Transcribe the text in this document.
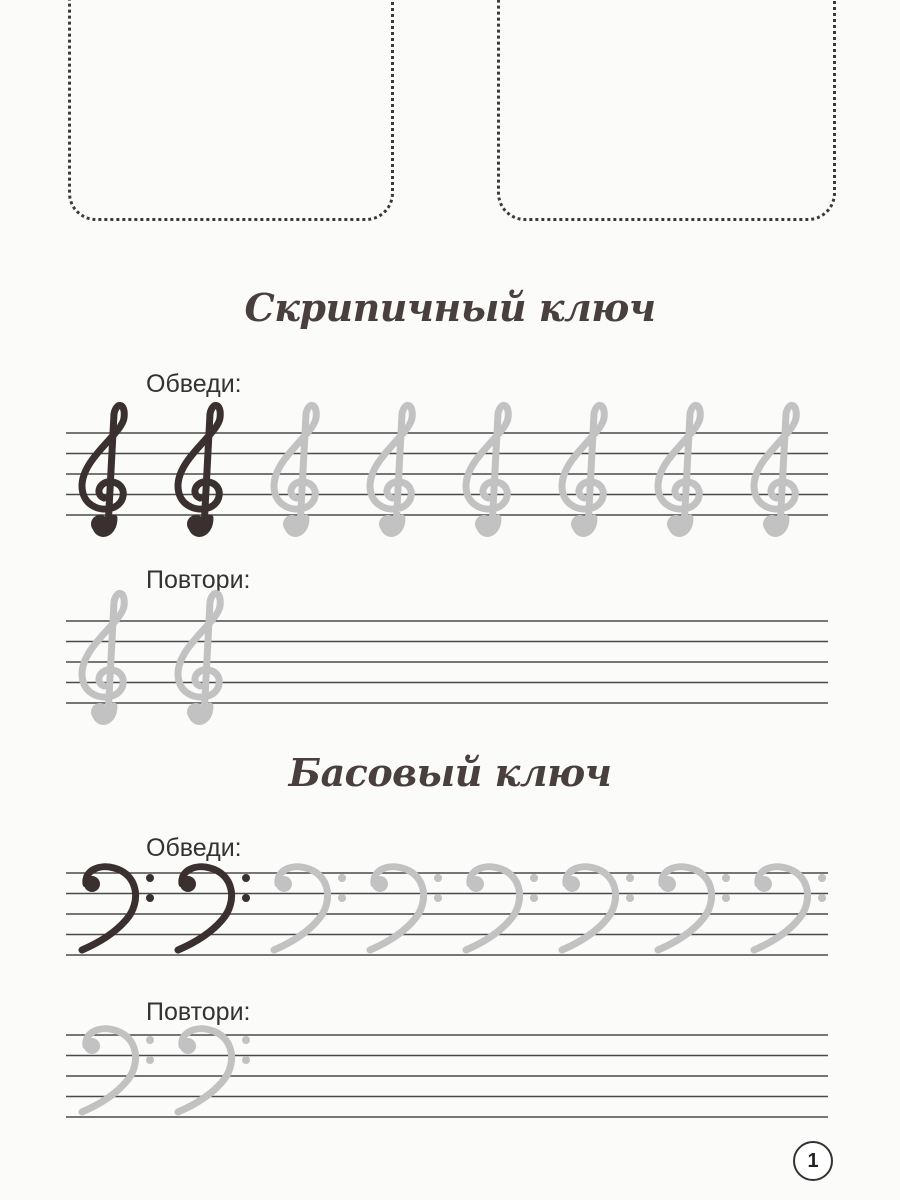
Скрипичный ключ
Обведи:
Повтори:
Басовый ключ
Обведи:
Повтори:
1
